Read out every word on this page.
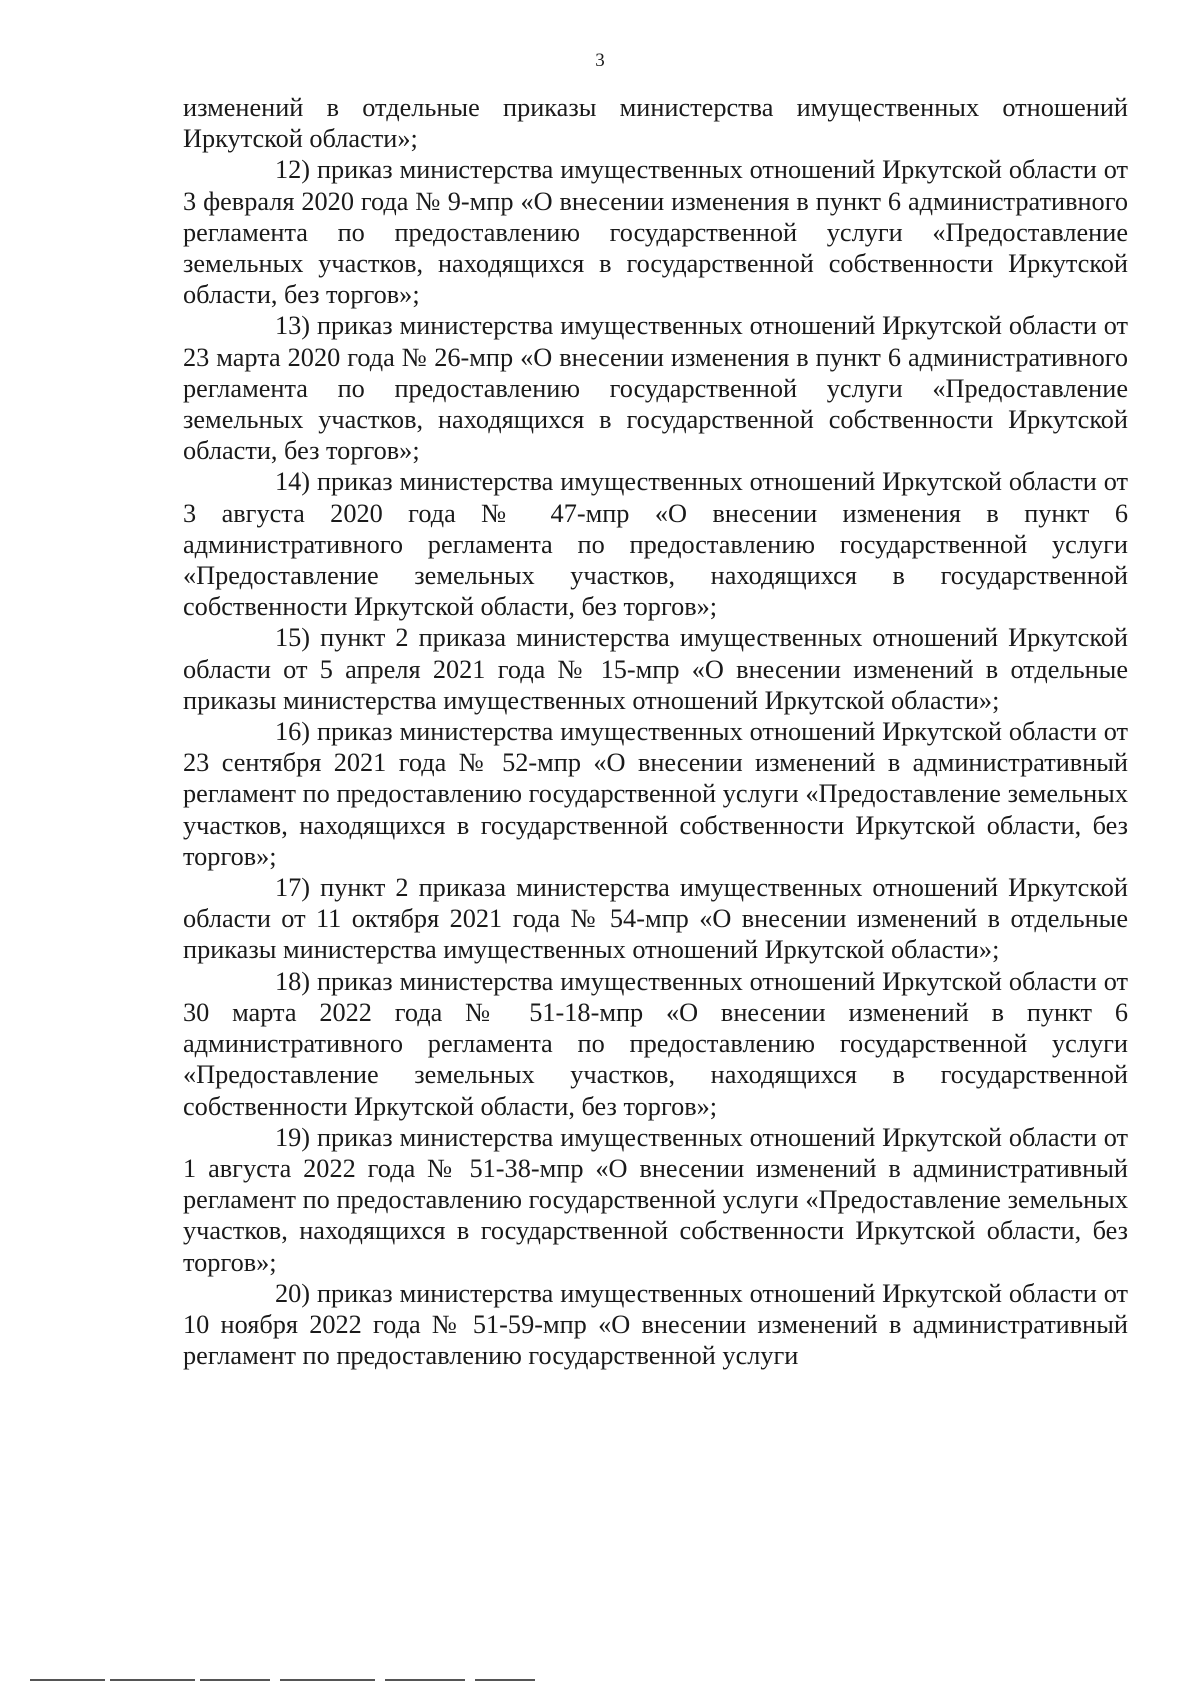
3

изменений в отдельные приказы министерства имущественных отношений Иркутской области»;

12) приказ министерства имущественных отношений Иркутской области от 3 февраля 2020 года № 9-мпр «О внесении изменения в пункт 6 административного регламента по предоставлению государственной услуги «Предоставление земельных участков, находящихся в государственной собственности Иркутской области, без торгов»;

13) приказ министерства имущественных отношений Иркутской области от 23 марта 2020 года № 26-мпр «О внесении изменения в пункт 6 административного регламента по предоставлению государственной услуги «Предоставление земельных участков, находящихся в государственной собственности Иркутской области, без торгов»;

14) приказ министерства имущественных отношений Иркутской области от 3 августа 2020 года № 47-мпр «О внесении изменения в пункт 6 административного регламента по предоставлению государственной услуги «Предоставление земельных участков, находящихся в государственной собственности Иркутской области, без торгов»;

15) пункт 2 приказа министерства имущественных отношений Иркутской области от 5 апреля 2021 года № 15-мпр «О внесении изменений в отдельные приказы министерства имущественных отношений Иркутской области»;

16) приказ министерства имущественных отношений Иркутской области от 23 сентября 2021 года № 52-мпр «О внесении изменений в административный регламент по предоставлению государственной услуги «Предоставление земельных участков, находящихся в государственной собственности Иркутской области, без торгов»;

17) пункт 2 приказа министерства имущественных отношений Иркутской области от 11 октября 2021 года № 54-мпр «О внесении изменений в отдельные приказы министерства имущественных отношений Иркутской области»;

18) приказ министерства имущественных отношений Иркутской области от 30 марта 2022 года № 51-18-мпр «О внесении изменений в пункт 6 административного регламента по предоставлению государственной услуги «Предоставление земельных участков, находящихся в государственной собственности Иркутской области, без торгов»;

19) приказ министерства имущественных отношений Иркутской области от 1 августа 2022 года № 51-38-мпр «О внесении изменений в административный регламент по предоставлению государственной услуги «Предоставление земельных участков, находящихся в государственной собственности Иркутской области, без торгов»;

20) приказ министерства имущественных отношений Иркутской области от 10 ноября 2022 года № 51-59-мпр «О внесении изменений в административный регламент по предоставлению государственной услуги
